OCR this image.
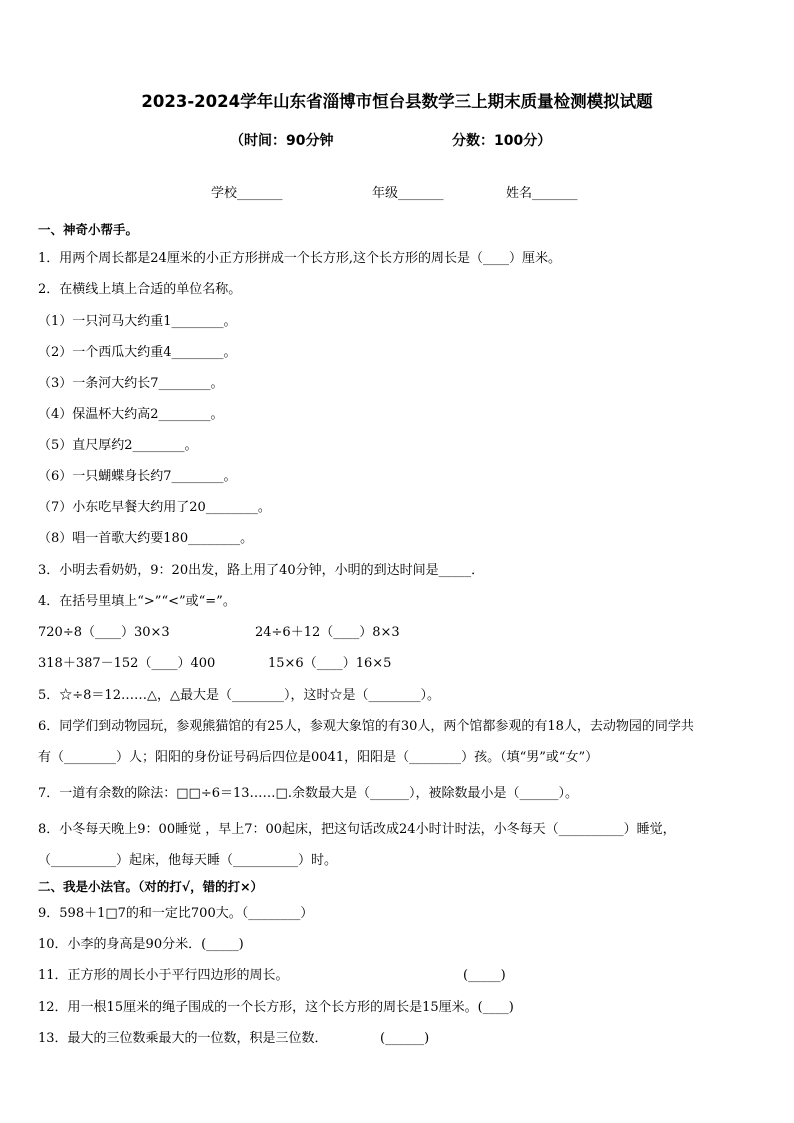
2023-2024学年山东省淄博市恒台县数学三上期末质量检测模拟试题
（时间：90分钟	分数：100分）
学校_______	年级_______	姓名_______
一、神奇小帮手。
1．用两个周长都是24厘米的小正方形拼成一个长方形,这个长方形的周长是（____）厘米。
2．在横线上填上合适的单位名称。
（1）一只河马大约重1________。
（2）一个西瓜大约重4________。
（3）一条河大约长7________。
（4）保温杯大约高2________。
（5）直尺厚约2________。
（6）一只蝴蝶身长约7________。
（7）小东吃早餐大约用了20________。
（8）唱一首歌大约要180________。
3．小明去看奶奶，9：20出发，路上用了40分钟，小明的到达时间是_____．
4．在括号里填上“>”“<”或“=”。
720÷8（____）30×3	24÷6＋12（____）8×3
318＋387－152（____）400	15×6（____）16×5
5．☆÷8＝12……△，△最大是（________），这时☆是（________）。
6．同学们到动物园玩，参观熊猫馆的有25人，参观大象馆的有30人，两个馆都参观的有18人，去动物园的同学共
有（________）人；阳阳的身份证号码后四位是0041，阳阳是（________）孩。（填“男”或“女”）
7．一道有余数的除法：□□÷6＝13……□.余数最大是（______），被除数最小是（______）。
8．小冬每天晚上9：00睡觉 ，早上7：00起床，把这句话改成24小时计时法，小冬每天（__________）睡觉，
（__________）起床，他每天睡（__________）时。
二、我是小法官。（对的打√，错的打×）
9．598＋1□7的和一定比700大。（________）
10．小李的身高是90分米．(_____)
11．正方形的周长小于平行四边形的周长。	(_____)
12．用一根15厘米的绳子围成的一个长方形，这个长方形的周长是15厘米。(____)
13．最大的三位数乘最大的一位数，积是三位数．	(______)
